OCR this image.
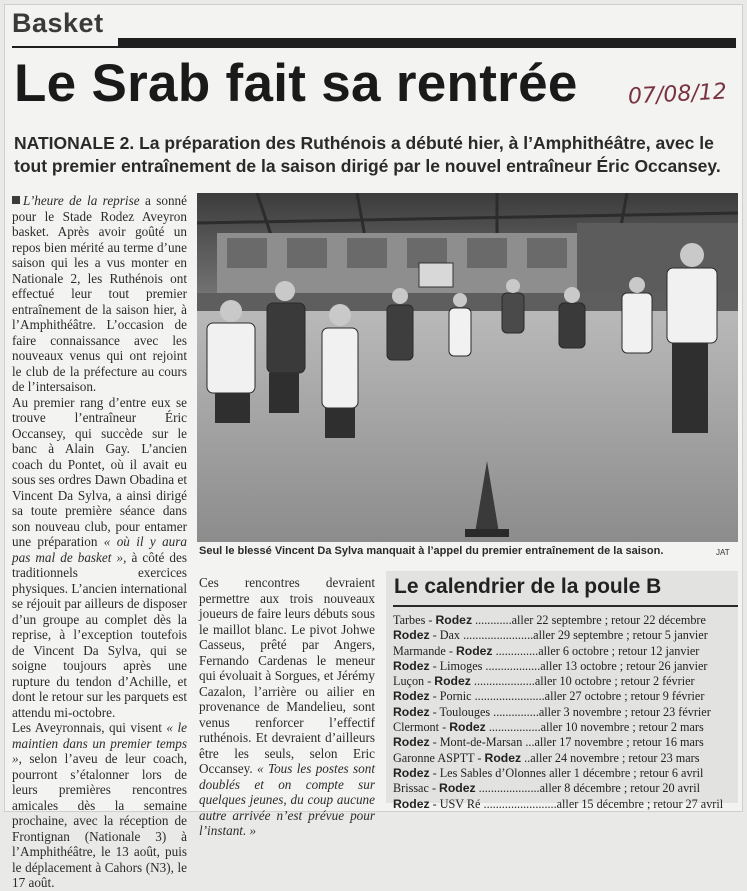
Basket
Le Srab fait sa rentrée 07/08/12
NATIONALE 2. La préparation des Ruthénois a débuté hier, à l’Amphithéâtre, avec le tout premier entraînement de la saison dirigé par le nouvel entraîneur Éric Occansey.

L’heure de la reprise a sonné pour le Stade Rodez Aveyron basket. Après avoir goûté un repos bien mérité au terme d’une saison qui les a vus monter en Nationale 2, les Ruthénois ont effectué leur tout premier entraînement de la saison hier, à l’Amphithéâtre. L’occasion de faire connaissance avec les nouveaux venus qui ont rejoint le club de la préfecture au cours de l’intersaison.

Au premier rang d’entre eux se trouve l’entraîneur Éric Occansey, qui succède sur le banc à Alain Gay. L’ancien coach du Pontet, où il avait eu sous ses ordres Dawn Obadina et Vincent Da Sylva, a ainsi dirigé sa toute première séance dans son nouveau club, pour entamer une préparation « où il y aura pas mal de basket », à côté des traditionnels exercices physiques. L’ancien international se réjouit par ailleurs de disposer d’un groupe au complet dès la reprise, à l’exception toutefois de Vincent Da Sylva, qui se soigne toujours après une rupture du tendon d’Achille, et dont le retour sur les parquets est attendu mi-octobre.

Les Aveyronnais, qui visent « le maintien dans un premier temps », selon l’aveu de leur coach, pourront s’étalonner lors de leurs premières rencontres amicales dès la semaine prochaine, avec la réception de Frontignan (Nationale 3) à l’Amphithéâtre, le 13 août, puis le déplacement à Cahors (N3), le 17 août.

Seul le blessé Vincent Da Sylva manquait à l’appel du premier entraînement de la saison.	JAT

Ces rencontres devraient permettre aux trois nouveaux joueurs de faire leurs débuts sous le maillot blanc. Le pivot Johwe Casseus, prêté par Angers, Fernando Cardenas le meneur qui évoluait à Sorgues, et Jérémy Cazalon, l’arrière ou ailier en provenance de Mandelieu, sont venus renforcer l’effectif ruthénois. Et devraient d’ailleurs être les seuls, selon Eric Occansey. « Tous les postes sont doublés et on compte sur quelques jeunes, du coup aucune autre arrivée n’est prévue pour l’instant. »

Le calendrier de la poule B
Tarbes - Rodez ............aller 22 septembre ; retour 22 décembre
Rodez - Dax .......................aller 29 septembre ; retour 5 janvier
Marmande - Rodez ..............aller 6 octobre ; retour 12 janvier
Rodez - Limoges ..................aller 13 octobre ; retour 26 janvier
Luçon - Rodez ....................aller 10 octobre ; retour 2 février
Rodez - Pornic .......................aller 27 octobre ; retour 9 février
Rodez - Toulouges ...............aller 3 novembre ; retour 23 février
Clermont - Rodez .................aller 10 novembre ; retour 2 mars
Rodez - Mont-de-Marsan ...aller 17 novembre ; retour 16 mars
Garonne ASPTT - Rodez ..aller 24 novembre ; retour 23 mars
Rodez - Les Sables d’Olonnes aller 1 décembre ; retour 6 avril
Brissac - Rodez ....................aller 8 décembre ; retour 20 avril
Rodez - USV Ré ........................aller 15 décembre ; retour 27 avril
